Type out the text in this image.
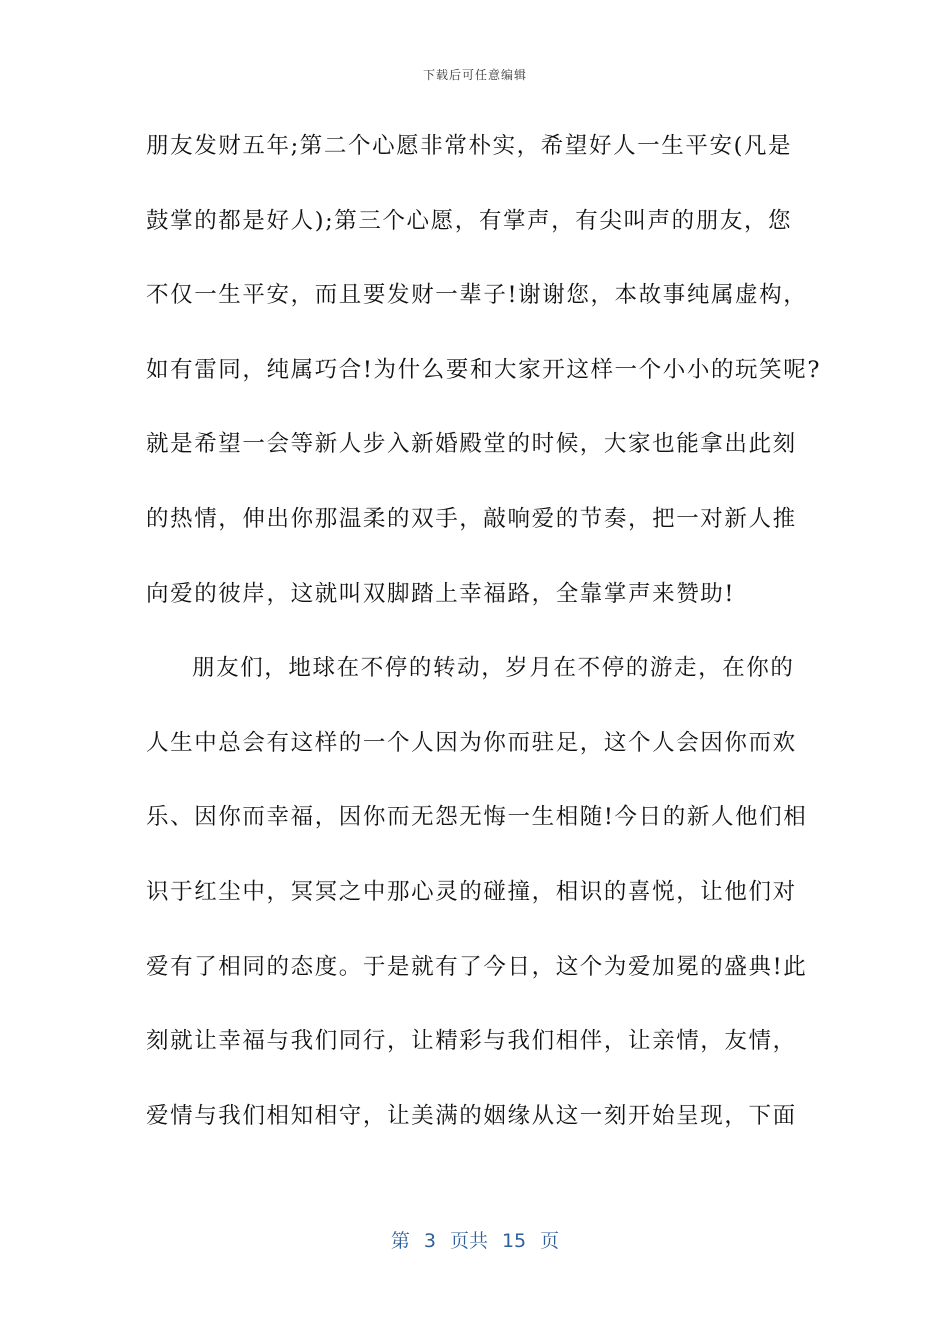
下载后可任意编辑
朋友发财五年;第二个心愿非常朴实，希望好人一生平安(凡是
鼓掌的都是好人);第三个心愿，有掌声，有尖叫声的朋友，您
不仅一生平安，而且要发财一辈子!谢谢您，本故事纯属虚构，
如有雷同，纯属巧合!为什么要和大家开这样一个小小的玩笑呢?
就是希望一会等新人步入新婚殿堂的时候，大家也能拿出此刻
的热情，伸出你那温柔的双手，敲响爱的节奏，把一对新人推
向爱的彼岸，这就叫双脚踏上幸福路，全靠掌声来赞助!
朋友们，地球在不停的转动，岁月在不停的游走，在你的
人生中总会有这样的一个人因为你而驻足，这个人会因你而欢
乐、因你而幸福，因你而无怨无悔一生相随!今日的新人他们相
识于红尘中，冥冥之中那心灵的碰撞，相识的喜悦，让他们对
爱有了相同的态度。于是就有了今日，这个为爱加冕的盛典!此
刻就让幸福与我们同行，让精彩与我们相伴，让亲情，友情，
爱情与我们相知相守，让美满的姻缘从这一刻开始呈现，下面
第 3 页共 15 页
